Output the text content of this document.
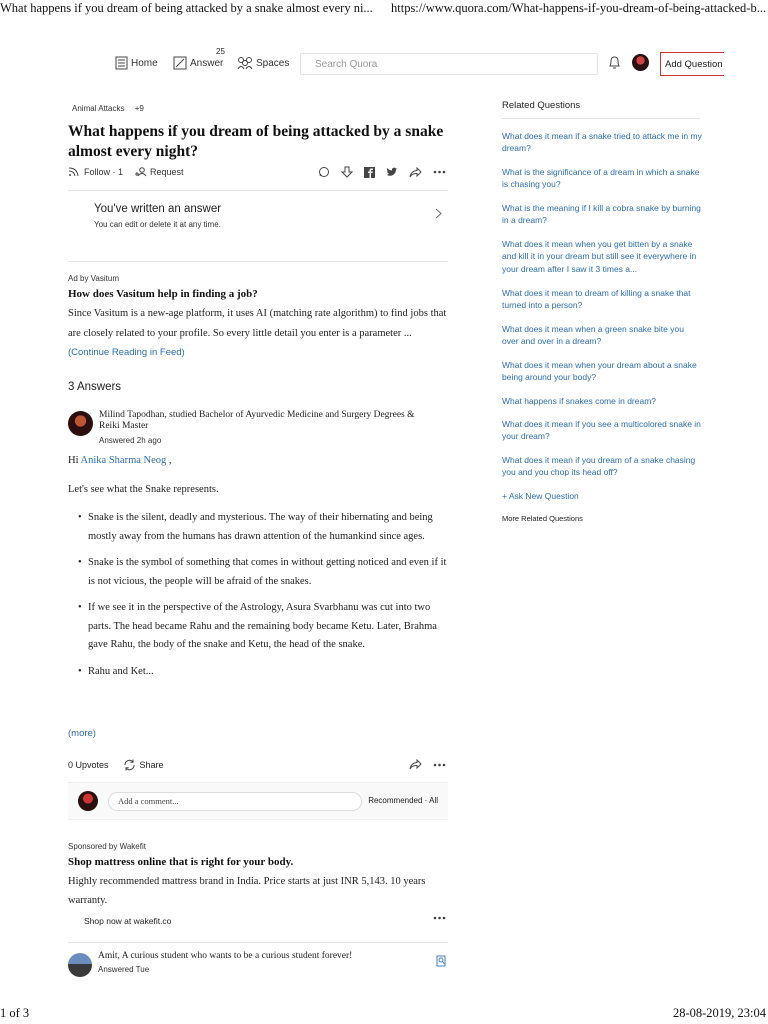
What happens if you dream of being attacked by a snake almost every ni... https://www.quora.com/What-happens-if-you-dream-of-being-attacked-b...
Home	Answer
25
Spaces	Search Quora	Add Question
Animal Attacks +9
What happens if you dream of being attacked by a snake almost every night?
Follow · 1	Request
You've written an answer
You can edit or delete it at any time.
Ad by Vasitum
How does Vasitum help in finding a job?
Since Vasitum is a new-age platform, it uses AI (matching rate algorithm) to find jobs that are closely related to your profile. So every little detail you enter is a parameter ... (Continue Reading in Feed)
3 Answers
Milind Tapodhan, studied Bachelor of Ayurvedic Medicine and Surgery Degrees & Reiki Master
Answered 2h ago

Hi Anika Sharma Neog ,

Let's see what the Snake represents.

• Snake is the silent, deadly and mysterious. The way of their hibernating and being mostly away from the humans has drawn attention of the humankind since ages.
• Snake is the symbol of something that comes in without getting noticed and even if it is not vicious, the people will be afraid of the snakes.
• If we see it in the perspective of the Astrology, Asura Svarbhanu was cut into two parts. The head became Rahu and the remaining body became Ketu. Later, Brahma gave Rahu, the body of the snake and Ketu, the head of the snake.
• Rahu and Ket...
(more)
0 Upvotes	Share
Add a comment...	Recommended · All
Sponsored by Wakefit
Shop mattress online that is right for your body.
Highly recommended mattress brand in India. Price starts at just INR 5,143. 10 years warranty.
Shop now at wakefit.co
Amit, A curious student who wants to be a curious student forever!
Answered Tue
Related Questions
What does it mean if a snake tried to attack me in my dream?
What is the significance of a dream in which a snake is chasing you?
What is the meaning if I kill a cobra snake by burning in a dream?
What does it mean when you get bitten by a snake and kill it in your dream but still see it everywhere in your dream after I saw it 3 times a...
What does it mean to dream of killing a snake that turned into a person?
What does it mean when a green snake bite you over and over in a dream?
What does it mean when your dream about a snake being around your body?
What happens if snakes come in dream?
What does it mean if you see a multicolored snake in your dream?
What does it mean if you dream of a snake chasing you and you chop its head off?
+ Ask New Question
More Related Questions
1 of 3	28-08-2019, 23:04
